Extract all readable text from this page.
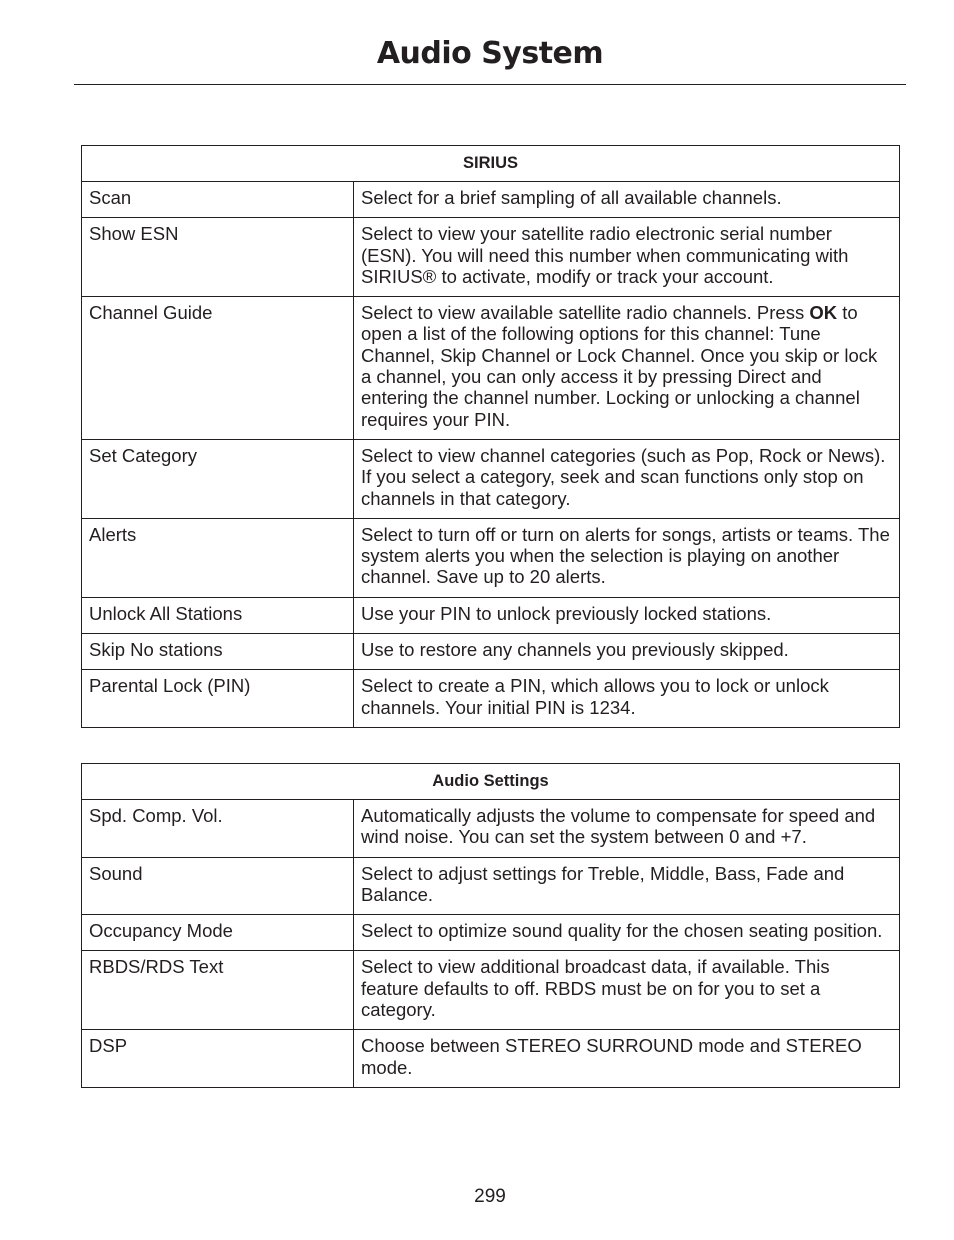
Audio System
SIRIUS	
Scan	Select for a brief sampling of all available channels.
Show ESN	Select to view your satellite radio electronic serial number (ESN). You will need this number when communicating with SIRIUS® to activate, modify or track your account.
Channel Guide	Select to view available satellite radio channels. Press OK to open a list of the following options for this channel: Tune Channel, Skip Channel or Lock Channel. Once you skip or lock a channel, you can only access it by pressing Direct and entering the channel number. Locking or unlocking a channel requires your PIN.
Set Category	Select to view channel categories (such as Pop, Rock or News). If you select a category, seek and scan functions only stop on channels in that category.
Alerts	Select to turn off or turn on alerts for songs, artists or teams. The system alerts you when the selection is playing on another channel. Save up to 20 alerts.
Unlock All Stations	Use your PIN to unlock previously locked stations.
Skip No stations	Use to restore any channels you previously skipped.
Parental Lock (PIN)	Select to create a PIN, which allows you to lock or unlock channels. Your initial PIN is 1234.
Audio Settings	
Spd. Comp. Vol.	Automatically adjusts the volume to compensate for speed and wind noise. You can set the system between 0 and +7.
Sound	Select to adjust settings for Treble, Middle, Bass, Fade and Balance.
Occupancy Mode	Select to optimize sound quality for the chosen seating position.
RBDS/RDS Text	Select to view additional broadcast data, if available. This feature defaults to off. RBDS must be on for you to set a category.
DSP	Choose between STEREO SURROUND mode and STEREO mode.
299
